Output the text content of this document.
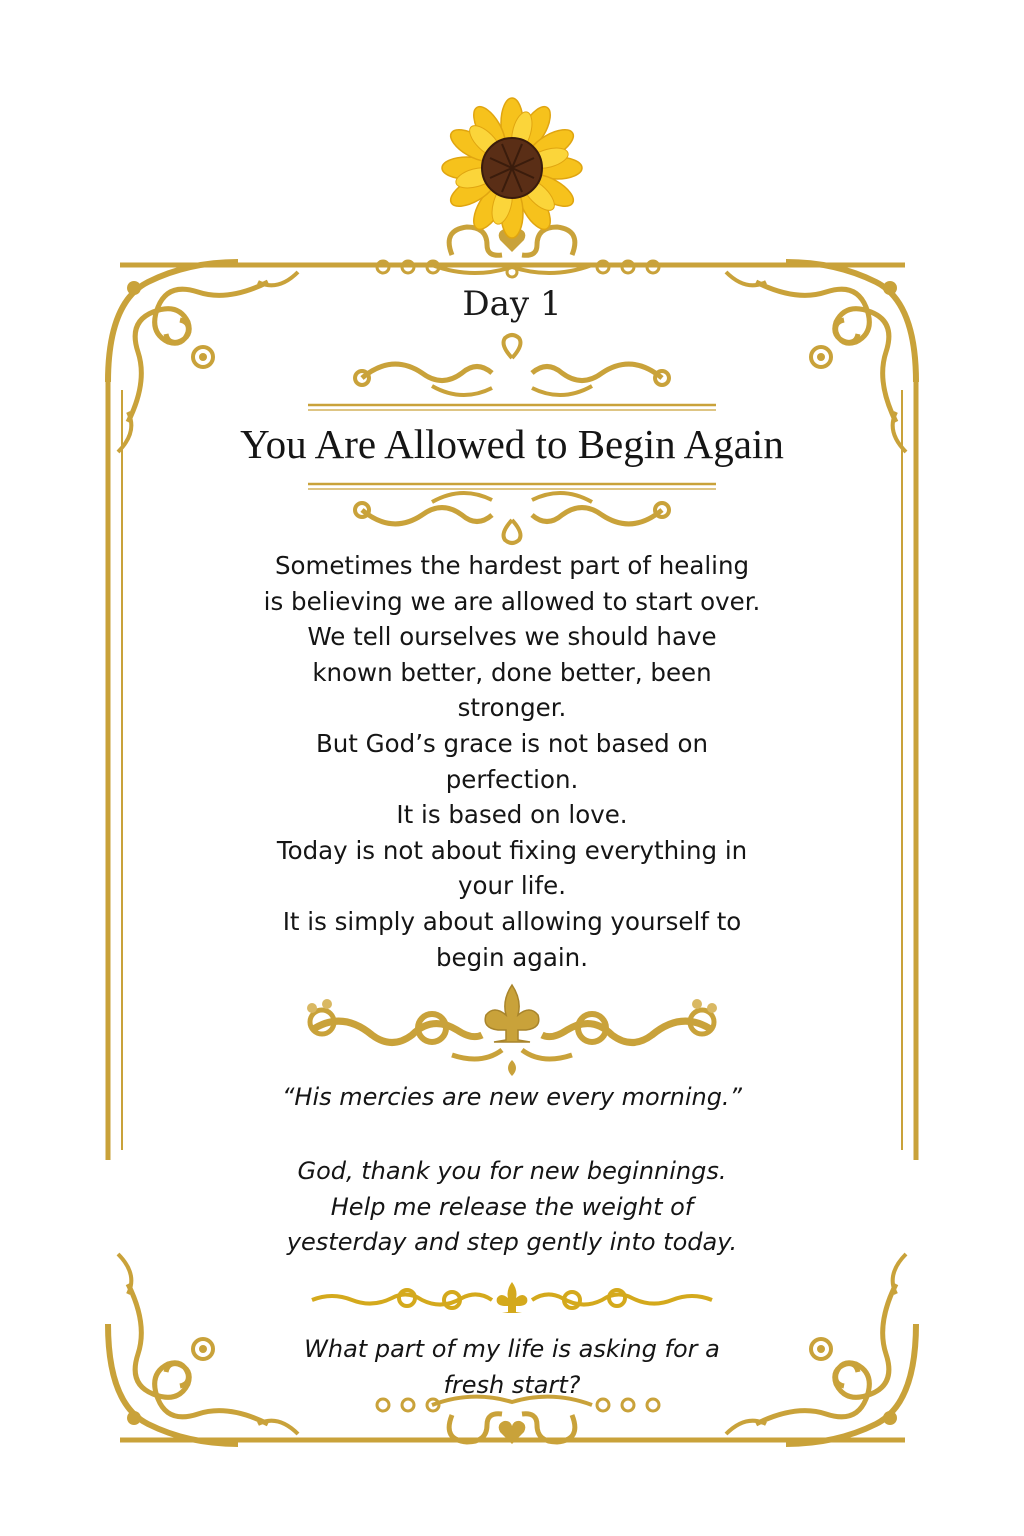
Day 1
You Are Allowed to Begin Again
Sometimes the hardest part of healing
is believing we are allowed to start over.
We tell ourselves we should have
known better, done better, been
stronger.
But God’s grace is not based on
perfection.
It is based on love.
Today is not about fixing everything in
your life.
It is simply about allowing yourself to
begin again.
“His mercies are new every morning.”
God, thank you for new beginnings.
Help me release the weight of
yesterday and step gently into today.
What part of my life is asking for a
fresh start?
